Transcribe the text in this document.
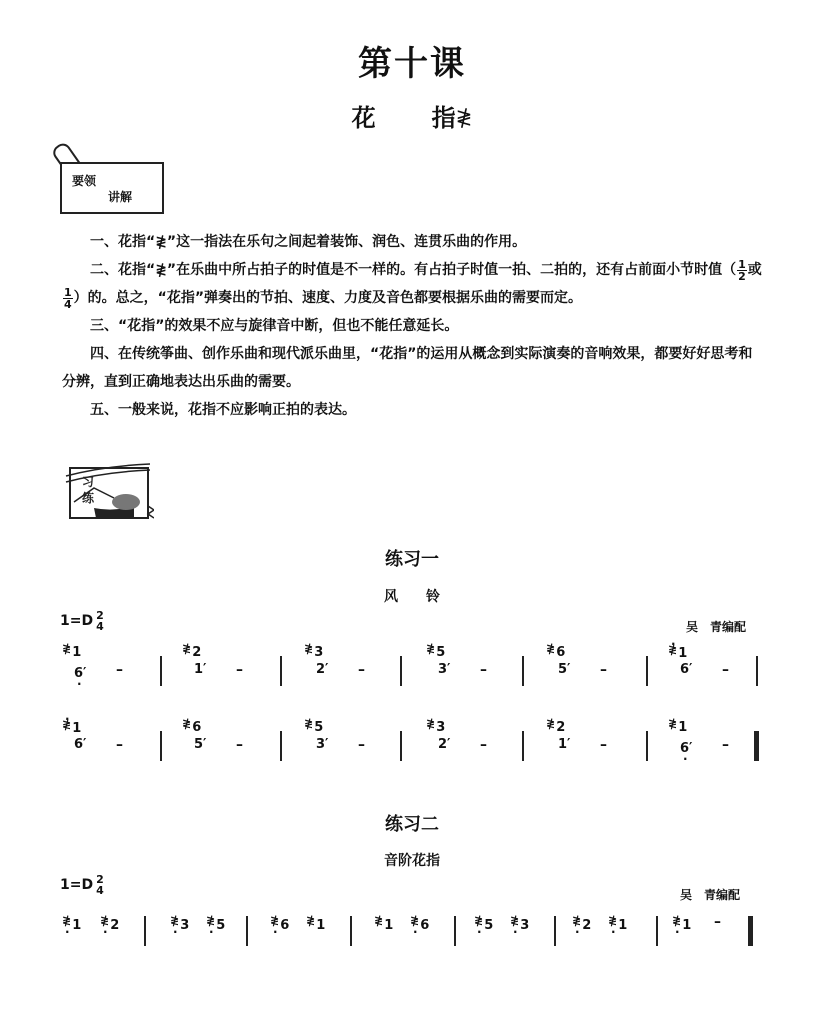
第十课
花 指≹
要领
讲解

一、花指“≹”这一指法在乐句之间起着装饰、润色、连贯乐曲的作用。

二、花指“≹”在乐曲中所占拍子的时值是不一样的。有占拍子时值一拍、二拍的，还有占前面小节时值（ $\frac{1}{2}$ 或
$\frac{1}{4}$ ）的。总之，“花指”弹奏出的节拍、速度、力度及音色都要根据乐曲的需要而定。

三、“花指”的效果不应与旋律音中断，但也不能任意延长。

四、在传统筝曲、创作乐曲和现代派乐曲里，“花指”的运用从概念到实际演奏的音响效果，都要好好思考和分辨，直到正确地表达出乐曲的需要。

五、一般来说，花指不应影响正拍的表达。

习
练
练习一
风　　铃
1=D 2
4	吴　青编配
≹1
$_{6'}$ . –
≹2
1′ –
≹3
2′ –
≹5
3′ –
≹6
5′ –
. ≹1
6′ –
. ≹1
6′ –
≹6
5′ –
≹5
3′ –
≹3
2′ –
≹2
1′ –
≹1
$_{6'}$ . –
练习二
音阶花指
1=D 2
4	吴　青编配
≹1 . ≹2 .	≹3 . ≹5 .	≹6 . ≹1	≹1 ≹6 .	≹5 . ≹3 .	≹2 . ≹1 .	≹1 . –
